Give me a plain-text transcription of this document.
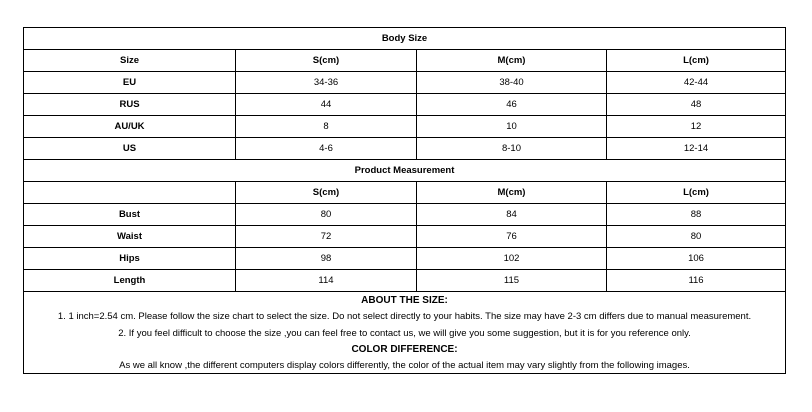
Body Size			
Size	S(cm)	M(cm)	L(cm)
EU	34-36	38-40	42-44
RUS	44	46	48
AU/UK	8	10	12
US	4-6	8-10	12-14
Product Measurement			
	S(cm)	M(cm)	L(cm)
Bust	80	84	88
Waist	72	76	80
Hips	98	102	106
Length	114	115	116

ABOUT THE SIZE:
1. 1 inch=2.54 cm. Please follow the size chart to select the size. Do not select directly to your habits. The size may have 2-3 cm differs due to manual measurement.
2. If you feel difficult to choose the size ,you can feel free to contact us, we will give you some suggestion, but it is for you reference only.
COLOR DIFFERENCE:
As we all know ,the different computers display colors differently, the color of the actual item may vary slightly from the following images.			
